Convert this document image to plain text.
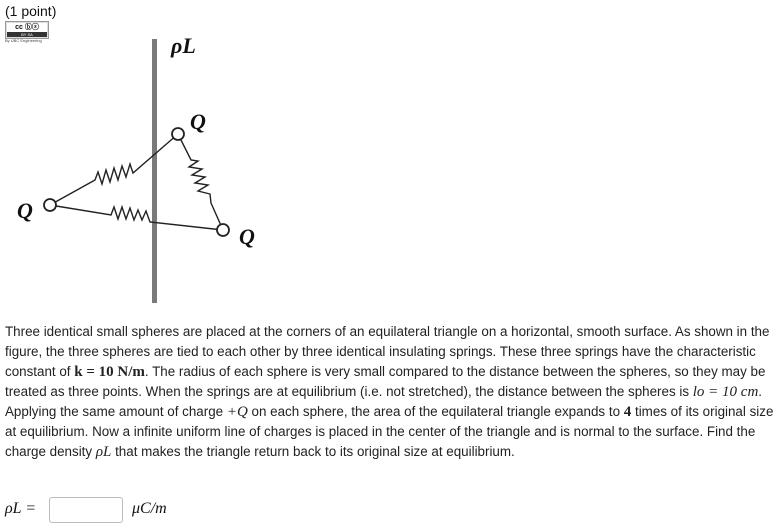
(1 point)
ρL
Q
Q
Q
cc ⓑⓢ
BY SA
By UBC Engineering
Three identical small spheres are placed at the corners of an equilateral triangle on a horizontal, smooth surface. As shown in the figure, the three spheres are tied to each other by three identical insulating springs. These three springs have the characteristic constant of k = 10 N/m. The radius of each sphere is very small compared to the distance between the spheres, so they may be treated as three points. When the springs are at equilibrium (i.e. not stretched), the distance between the spheres is lo = 10 cm. Applying the same amount of charge +Q on each sphere, the area of the equilateral triangle expands to 4 times of its original size at equilibrium. Now a infinite uniform line of charges is placed in the center of the triangle and is normal to the surface. Find the charge density ρL that makes the triangle return back to its original size at equilibrium.
ρL =	μC/m
